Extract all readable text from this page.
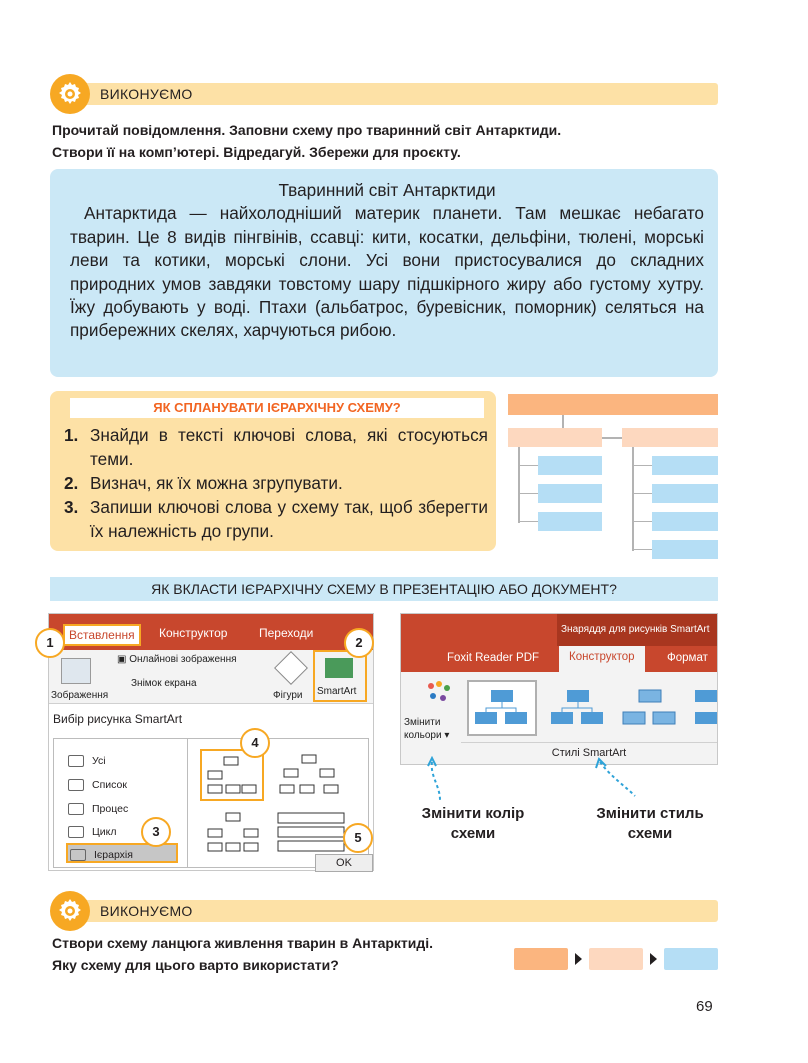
ВИКОНУЄМО
Прочитай повідомлення. Заповни схему про тваринний світ Антарктиди.
Створи її на комп’ютері. Відредагуй. Збережи для проєкту.
Тваринний світ Антарктиди

Антарктида — найхолодніший материк планети. Там мешкає небагато тварин. Це 8 видів пінгвінів, ссавці: кити, косатки, дельфіни, тюлені, морські леви та котики, морські слони. Усі вони пристосувалися до складних природних умов завдяки товстому шару підшкірного жиру або густому хутру. Їжу добувають у воді. Птахи (альбатрос, буревісник, поморник) селяться на прибережних скелях, харчуються рибою.

ЯК СПЛАНУВАТИ ІЄРАРХІЧНУ СХЕМУ?
1. Знайди в тексті ключові слова, які стосуються теми.
2. Визнач, як їх можна згрупувати.
3. Запиши ключові слова у схему так, щоб зберегти їх належність до групи.
ЯК ВКЛАСТИ ІЄРАРХІЧНУ СХЕМУ В ПРЕЗЕНТАЦІЮ АБО ДОКУМЕНТ?
Вставлення	Конструктор	Переходи
▣ Онлайнові зображення
Знімок екрана
Зображення	Фігури SmartArt
Вибір рисунка SmartArt
Усі
Список
Процес
Цикл
Ієрархія
OK
1	2
4
3	5
Знаряддя для рисунків SmartArt
Foxit Reader PDF	Конструктор	Формат
Змінити
кольори ▾
Стилі SmartArt
Змінити колір
схеми
Змінити стиль
схеми
ВИКОНУЄМО
Створи схему ланцюга живлення тварин в Антарктиді.
Яку схему для цього варто використати?
69
